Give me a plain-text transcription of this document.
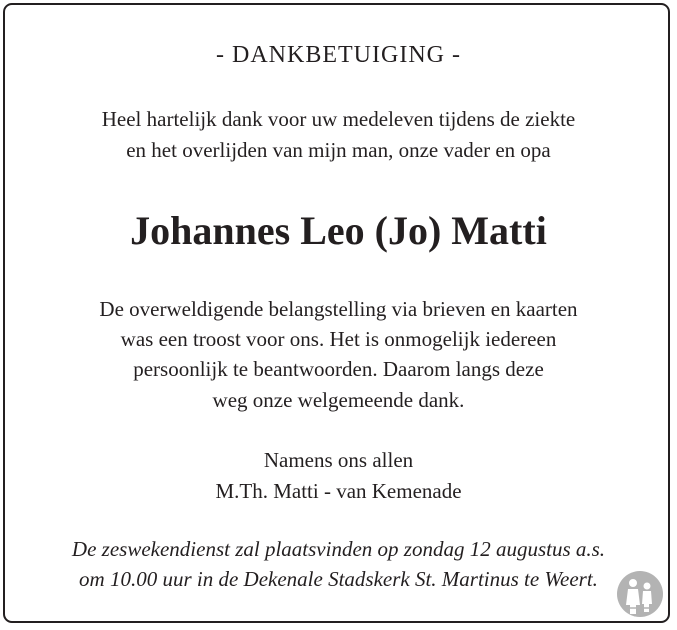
- DANKBETUIGING -
Heel hartelijk dank voor uw medeleven tijdens de ziekte
en het overlijden van mijn man, onze vader en opa
Johannes Leo (Jo) Matti
De overweldigende belangstelling via brieven en kaarten
was een troost voor ons. Het is onmogelijk iedereen
persoonlijk te beantwoorden. Daarom langs deze
weg onze welgemeende dank.
Namens ons allen
M.Th. Matti - van Kemenade
De zeswekendienst zal plaatsvinden op zondag 12 augustus a.s.
om 10.00 uur in de Dekenale Stadskerk St. Martinus te Weert.
